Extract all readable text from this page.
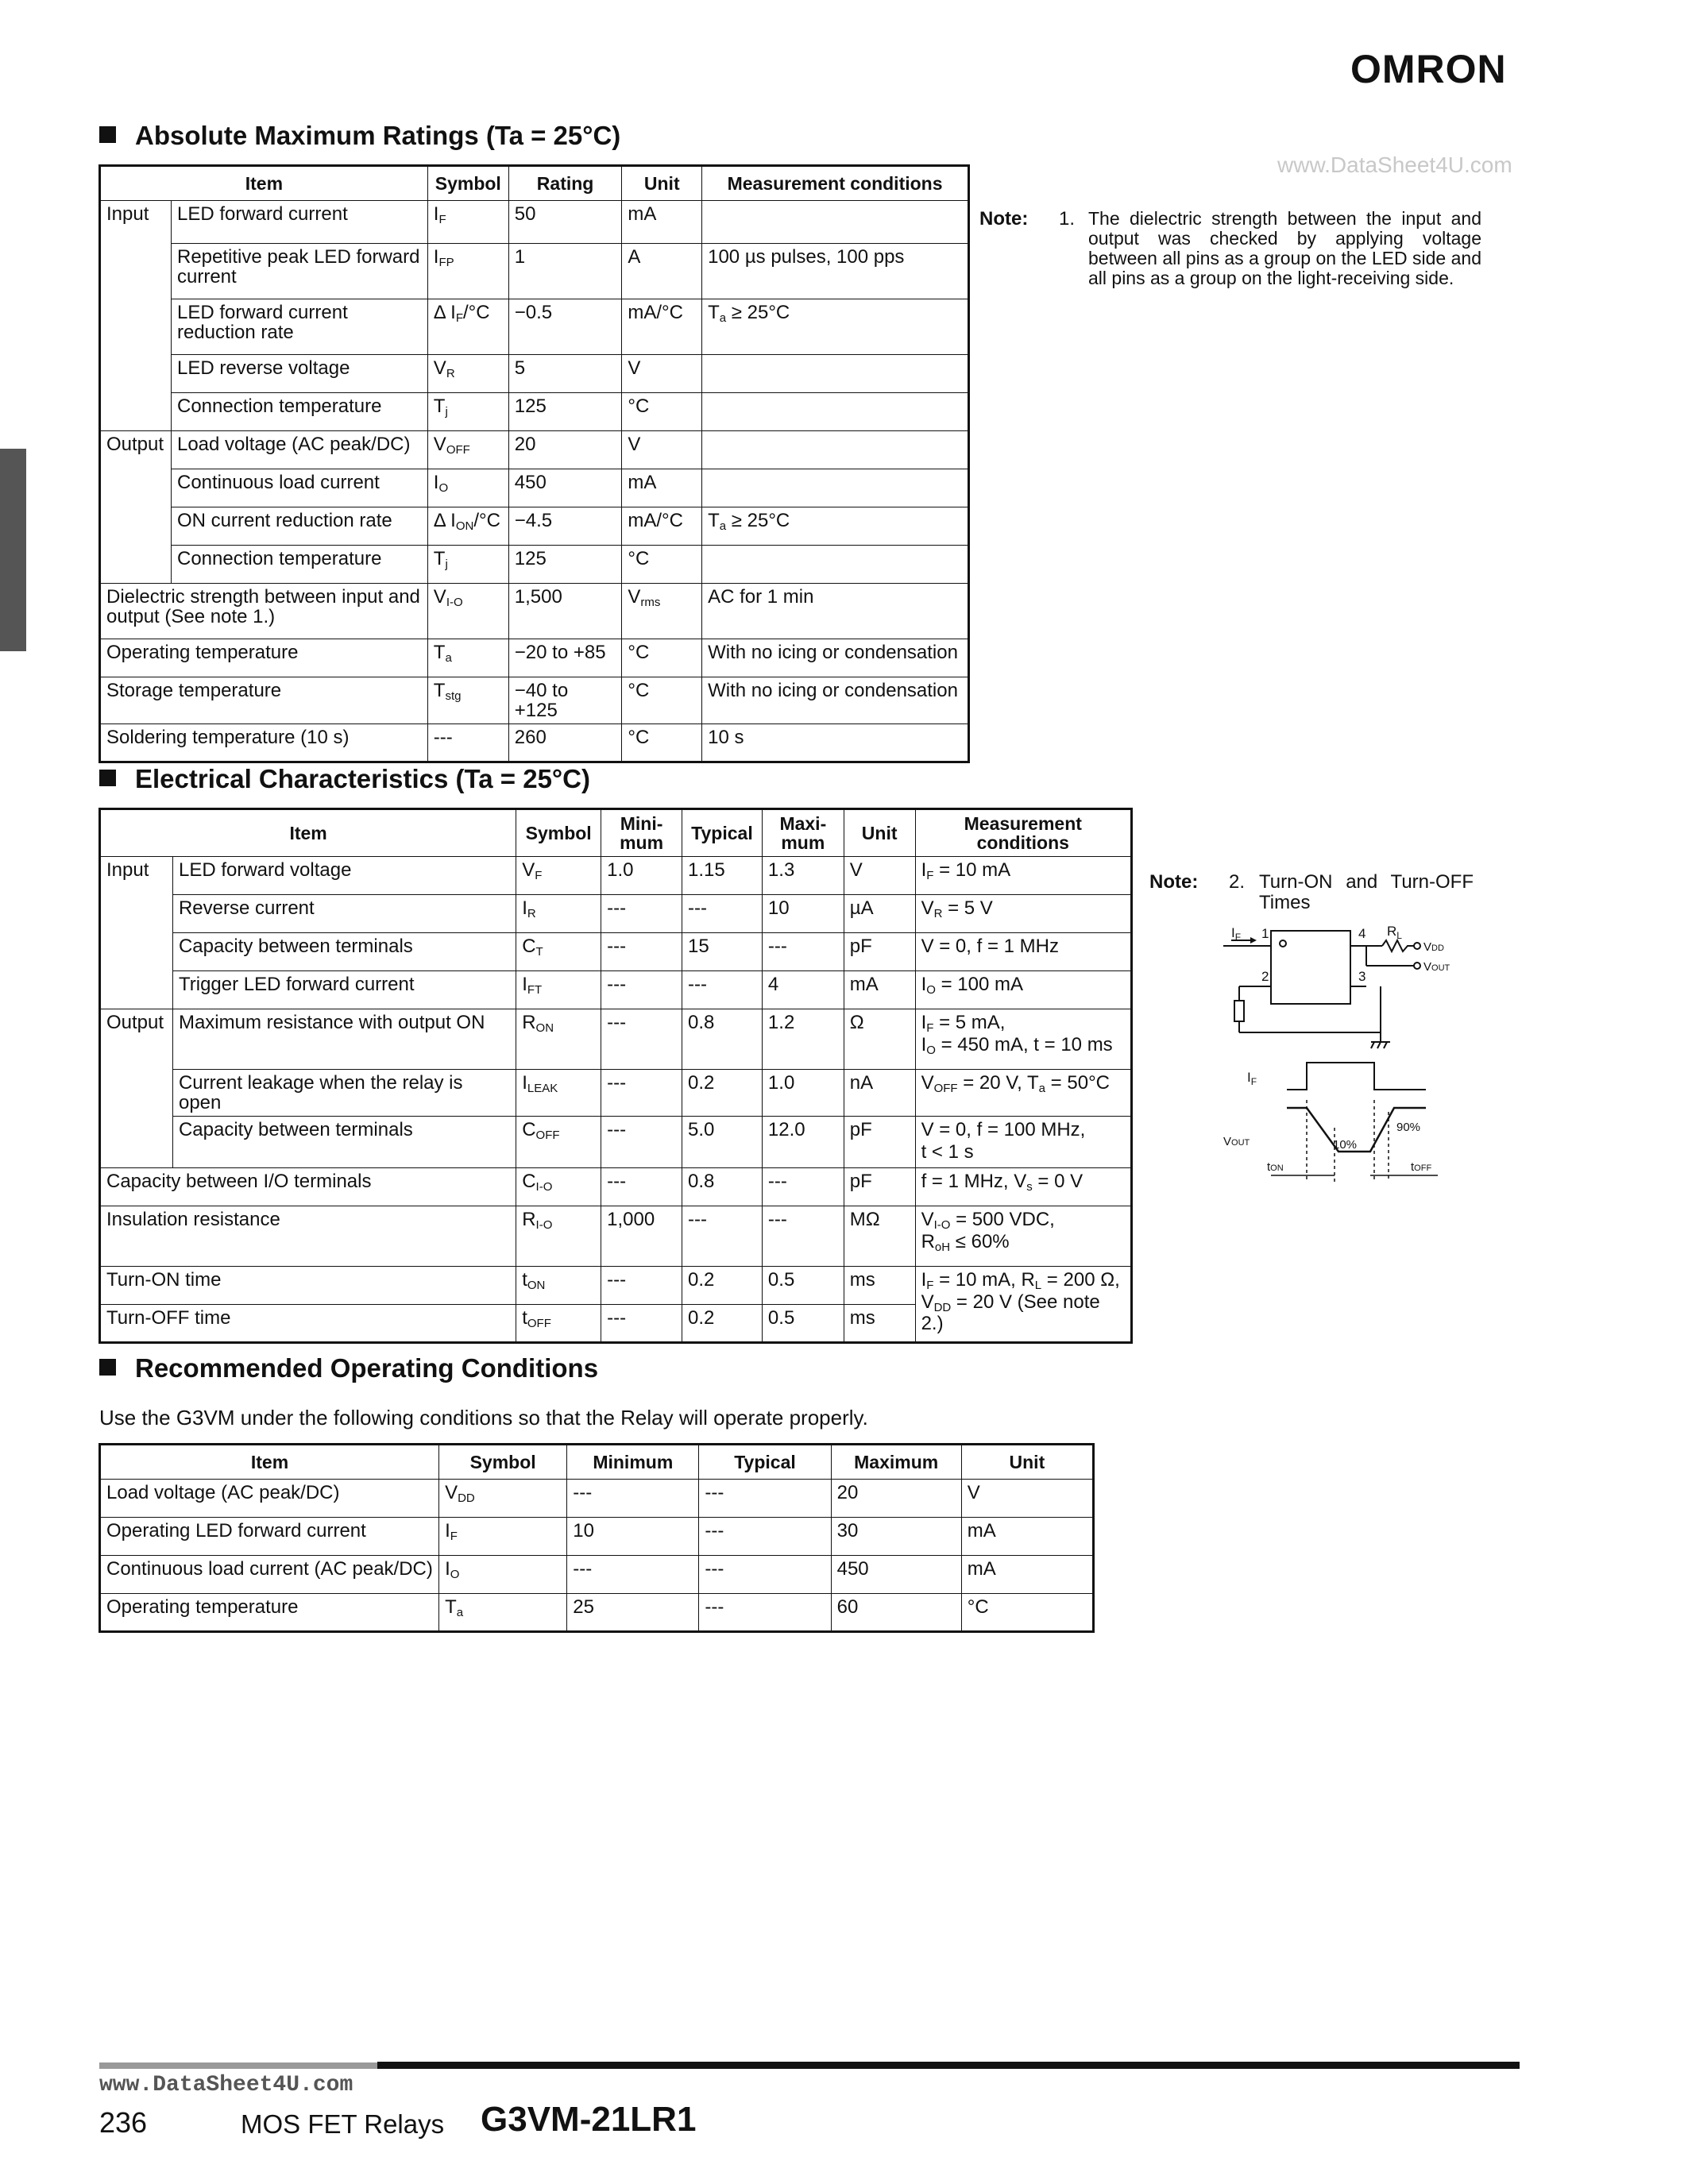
OMRON
www.DataSheet4U.com
Absolute Maximum Ratings (Ta = 25°C)
Item		Symbol	Rating	Unit	Measurement conditions
Input	LED forward current	$I_F$	50	mA	
	Repetitive peak LED forward current	$I_{FP}$	1	A	100 µs pulses, 100 pps
	LED forward current reduction rate	Δ $I_F/^\circ C$	−0.5	mA/°C	$T_a \ge 25^\circ C$
	LED reverse voltage	$V_R$	5	V	
	Connection temperature	$T_j$	125	°C	
Output	Load voltage (AC peak/DC)	$V_{OFF}$	20	V	
	Continuous load current	$I_O$	450	mA	
	ON current reduction rate	Δ $I_{ON}/^\circ C$	−4.5	mA/°C	$T_a \ge 25^\circ C$
	Connection temperature	$T_j$	125	°C	
Dielectric strength between input and output (See note 1.)		$V_{I-O}$	1,500	$V_{rms}$	AC for 1 min
Operating temperature		$T_a$	−20 to +85	°C	With no icing or condensation
Storage temperature		$T_{stg}$	−40 to +125	°C	With no icing or condensation
Soldering temperature (10 s)		---	260	°C	10 s
Note: 1. The dielectric strength between the input and output was checked by applying voltage between all pins as a group on the LED side and all pins as a group on the light-receiving side.
Electrical Characteristics (Ta = 25°C)
Item		Symbol	Mini-mum	Typical	Maxi-mum	Unit	Measurement conditions
Input	LED forward voltage	$V_F$	1.0	1.15	1.3	V	$I_F = 10$ mA

	Reverse current	$I_R$	---	---	10	µA	$V_R = 5$ V

	Capacity between terminals	$C_T$	---	15	---	pF	V = 0, f = 1 MHz

	Trigger LED forward current	$I_{FT}$	---	---	4	mA	$I_O = 100$ mA

Output	Maximum resistance with output ON	$R_{ON}$	---	0.8	1.2	Ω	$I_F = 5$ mA,
$I_O = 450$ mA, t = 10 ms

	Current leakage when the relay is open	$I_{LEAK}$	---	0.2	1.0	nA	$V_{OFF} = 20$ V, $T_a = 50^\circ C$

	Capacity between terminals	$C_{OFF}$	---	5.0	12.0	pF	V = 0, f = 100 MHz,
t < 1 s

Capacity between I/O terminals		$C_{I-O}$	---	0.8	---	pF	f = 1 MHz, $V_s = 0$ V

Insulation resistance		$R_{I-O}$	1,000	---	---	MΩ	$V_{I-O} = 500$ VDC,
$R_{oH} \le 60\%$

Turn-ON time		$t_{ON}$	---	0.2	0.5	ms	$I_F = 10$ mA, $R_L = 200$ Ω,
$V_{DD} = 20$ V (See note 2.)

Turn-OFF time		$t_{OFF}$	---	0.2	0.5	ms	
Note: 2. Turn-ON and Turn-OFF Times
$I_F$ 1
2
4
3
$R_L$
VDD
VOUT
$I_F$
VOUT	10%
90%
tON	tOFF
Recommended Operating Conditions
Use the G3VM under the following conditions so that the Relay will operate properly.
Item	Symbol	Minimum	Typical	Maximum	Unit
Load voltage (AC peak/DC)	$V_{DD}$	---	---	20	V
Operating LED forward current	$I_F$	10	---	30	mA
Continuous load current (AC peak/DC)	$I_O$	---	---	450	mA
Operating temperature	$T_a$	25	---	60	°C
www.DataSheet4U.com
236	MOS FET Relays G3VM-21LR1
